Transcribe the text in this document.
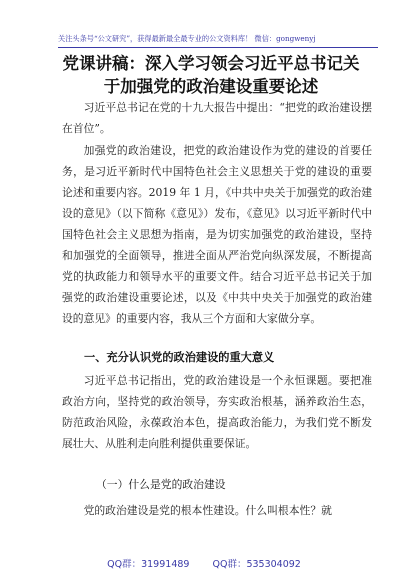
关注头条号“公文研究”，获得最新最全最专业的公文资料库！ 微信：gongwenyj
党课讲稿：深入学习领会习近平总书记关于加强党的政治建设重要论述
习近平总书记在党的十九大报告中提出：“把党的政治建设摆在首位”。
加强党的政治建设，把党的政治建设作为党的建设的首要任务，是习近平新时代中国特色社会主义思想关于党的建设的重要论述和重要内容。2019 年 1 月，《中共中央关于加强党的政治建设的意见》（以下简称《意见》）发布，《意见》以习近平新时代中国特色社会主义思想为指南，是为切实加强党的政治建设，坚持和加强党的全面领导，推进全面从严治党向纵深发展，不断提高党的执政能力和领导水平的重要文件。结合习近平总书记关于加强党的政治建设重要论述，以及《中共中央关于加强党的政治建设的意见》的重要内容，我从三个方面和大家做分享。
一、充分认识党的政治建设的重大意义
习近平总书记指出，党的政治建设是一个永恒课题。要把准政治方向，坚持党的政治领导，夯实政治根基，涵养政治生态，防范政治风险，永葆政治本色，提高政治能力，为我们党不断发展壮大、从胜利走向胜利提供重要保证。
（一）什么是党的政治建设
党的政治建设是党的根本性建设。什么叫根本性？就
QQ群：31991489 QQ群：535304092
